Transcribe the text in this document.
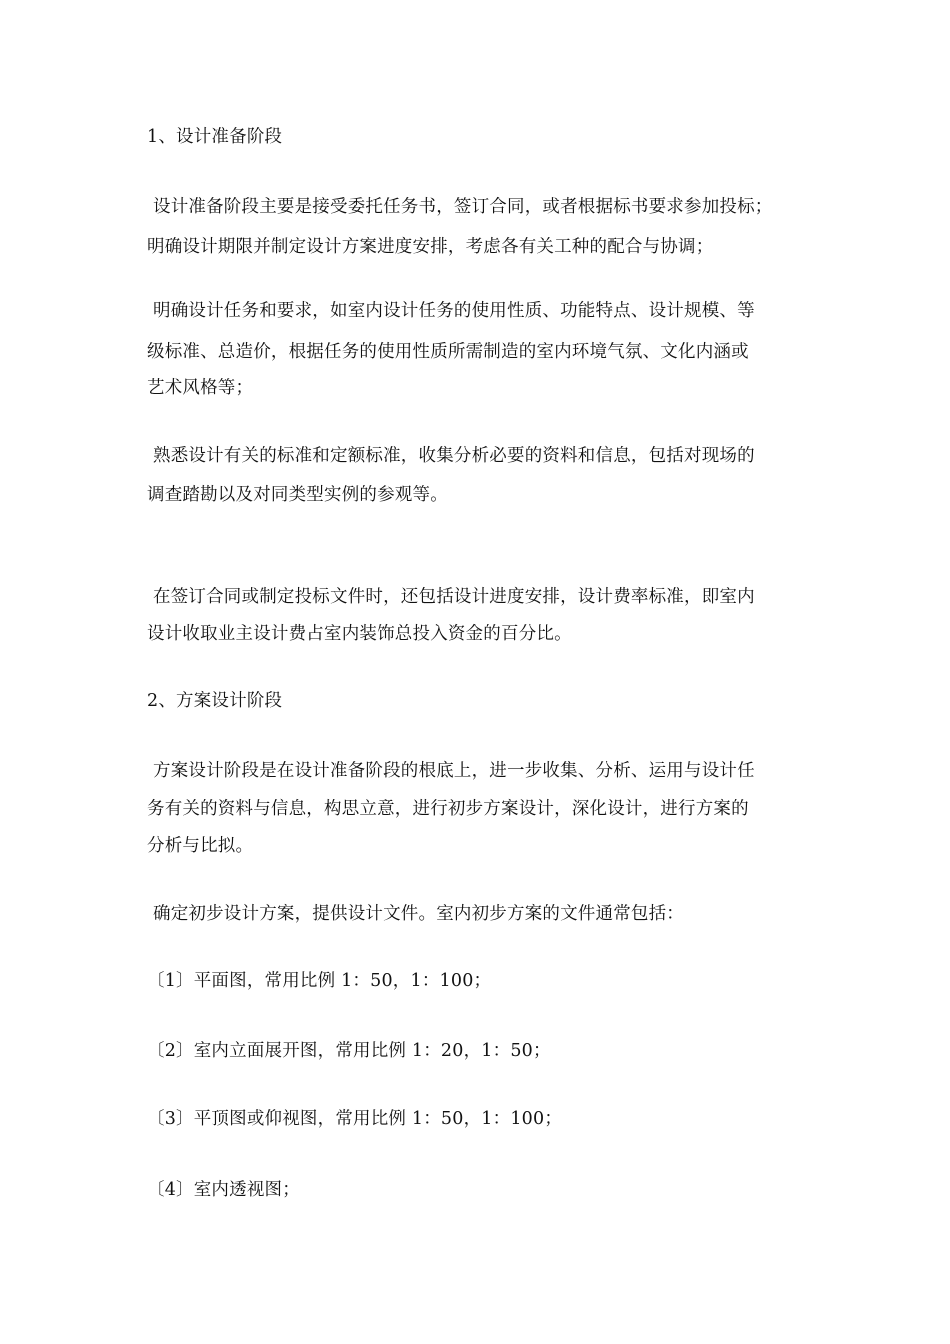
1、设计准备阶段
设计准备阶段主要是接受委托任务书，签订合同，或者根据标书要求参加投标；
明确设计期限并制定设计方案进度安排，考虑各有关工种的配合与协调；
明确设计任务和要求，如室内设计任务的使用性质、功能特点、设计规模、等
级标准、总造价，根据任务的使用性质所需制造的室内环境气氛、文化内涵或
艺术风格等；
熟悉设计有关的标准和定额标准，收集分析必要的资料和信息，包括对现场的
调查踏勘以及对同类型实例的参观等。
在签订合同或制定投标文件时，还包括设计进度安排，设计费率标准，即室内
设计收取业主设计费占室内装饰总投入资金的百分比。
2、方案设计阶段
方案设计阶段是在设计准备阶段的根底上，进一步收集、分析、运用与设计任
务有关的资料与信息，构思立意，进行初步方案设计，深化设计，进行方案的
分析与比拟。
确定初步设计方案，提供设计文件。室内初步方案的文件通常包括：
〔1〕平面图，常用比例 1：50，1：100；
〔2〕室内立面展开图，常用比例 1：20，1：50；
〔3〕平顶图或仰视图，常用比例 1：50，1：100；
〔4〕室内透视图；
